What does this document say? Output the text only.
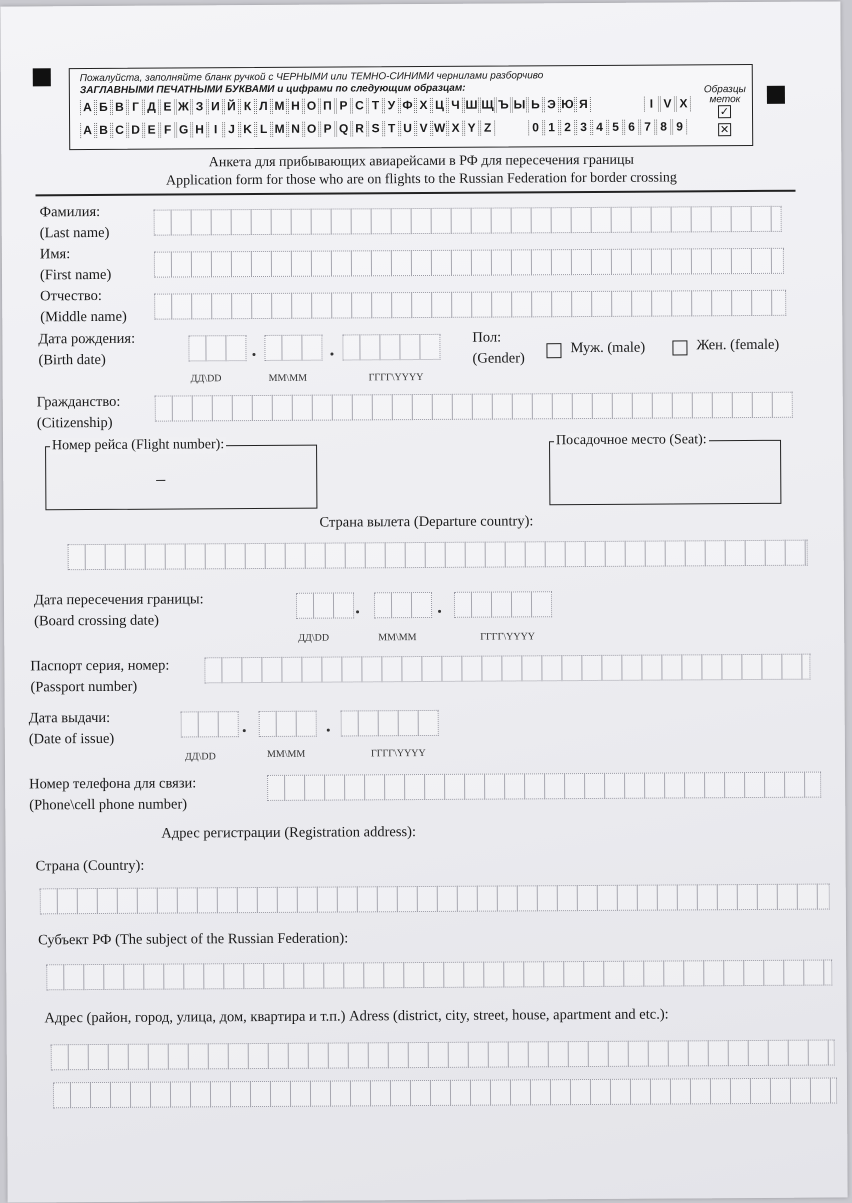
Пожалуйста, заполняйте бланк ручкой с ЧЕРНЫМИ или ТЕМНО-СИНИМИ чернилами разборчиво
ЗАГЛАВНЫМИ ПЕЧАТНЫМИ БУКВАМИ и цифрами по следующим образцам:
А Б В Г Д Е Ж З И Й К Л М Н О П Р С Т У Ф Х Ц Ч Ш Щ Ъ Ы Ь Э Ю Я	I V X
A B C D E F G H I J K L M N O P Q R S T U V W X Y Z	0 1 2 3 4 5 6 7 8 9
Образцы меток
✓
✕
Анкета для прибывающих авиарейсами в РФ для пересечения границы
Application form for those who are on flights to the Russian Federation for border crossing
Фамилия:
(Last name)
Имя:
(First name)
Отчество:
(Middle name)
Дата рождения:
(Birth date)
ДД\DD	ММ\MM	ГГГГ\YYYY
Пол:
(Gender)
Муж. (male)	Жен. (female)
Гражданство:
(Citizenship)
Номер рейса (Flight number):
–
Посадочное место (Seat):
Страна вылета (Departure country):
Дата пересечения границы:
(Board crossing date)
ДД\DD	ММ\MM	ГГГГ\YYYY
Паспорт серия, номер:
(Passport number)
Дата выдачи:
(Date of issue)
ДД\DD	ММ\MM	ГГГГ\YYYY
Номер телефона для связи:
(Phone\cell phone number)
Адрес регистрации (Registration address):
Страна (Country):
Субъект РФ (The subject of the Russian Federation):
Адрес (район, город, улица, дом, квартира и т.п.) Adress (district, city, street, house, apartment and etc.):
